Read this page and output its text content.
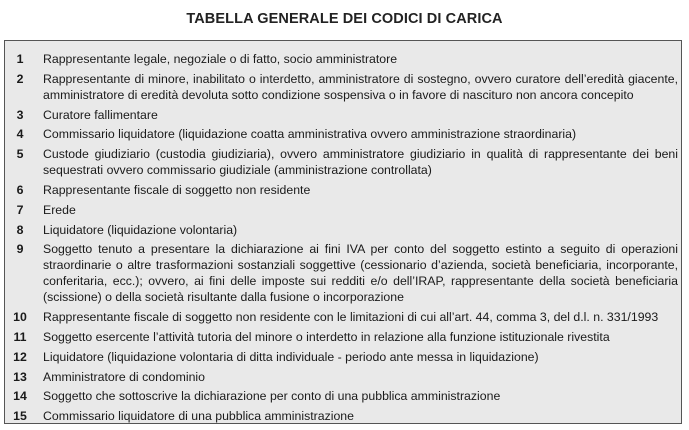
TABELLA GENERALE DEI CODICI DI CARICA
1	Rappresentante legale, negoziale o di fatto, socio amministratore
2	Rappresentante di minore, inabilitato o interdetto, amministratore di sostegno, ovvero curatore dell’eredità giacente, amministratore di eredità devoluta sotto condizione sospensiva o in favore di nascituro non ancora concepito
3	Curatore fallimentare
4	Commissario liquidatore (liquidazione coatta amministrativa ovvero amministrazione straordinaria)
5	Custode giudiziario (custodia giudiziaria), ovvero amministratore giudiziario in qualità di rappresentante dei beni sequestrati ovvero commissario giudiziale (amministrazione controllata)
6	Rappresentante fiscale di soggetto non residente
7	Erede
8	Liquidatore (liquidazione volontaria)
9	Soggetto tenuto a presentare la dichiarazione ai fini IVA per conto del soggetto estinto a seguito di operazioni straordinarie o altre trasformazioni sostanziali soggettive (cessionario d’azienda, società beneficiaria, incorporante, conferitaria, ecc.); ovvero, ai fini delle imposte sui redditi e/o dell’IRAP, rappresentante della società beneficiaria (scissione) o della società risultante dalla fusione o incorporazione
10	Rappresentante fiscale di soggetto non residente con le limitazioni di cui all’art. 44, comma 3, del d.l. n. 331/1993
11	Soggetto esercente l’attività tutoria del minore o interdetto in relazione alla funzione istituzionale rivestita
12	Liquidatore (liquidazione volontaria di ditta individuale - periodo ante messa in liquidazione)
13	Amministratore di condominio
14	Soggetto che sottoscrive la dichiarazione per conto di una pubblica amministrazione
15	Commissario liquidatore di una pubblica amministrazione
